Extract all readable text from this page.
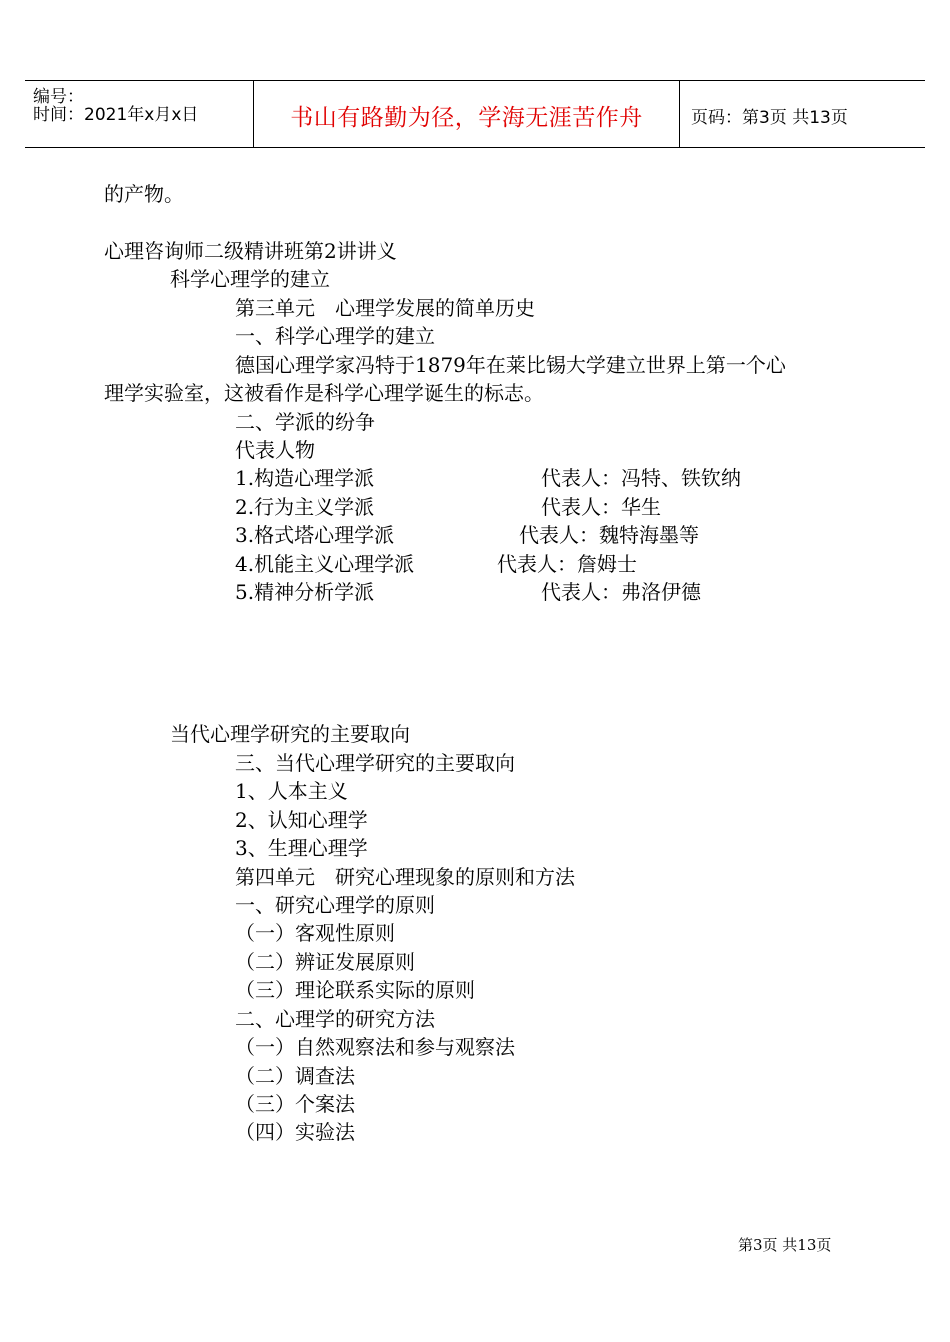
编号：
时间：2021年x月x日	书山有路勤为径，学海无涯苦作舟	页码：第3页 共13页
的产物。
心理咨询师二级精讲班第2讲讲义
科学心理学的建立
第三单元　心理学发展的简单历史
一、科学心理学的建立
德国心理学家冯特于1879年在莱比锡大学建立世界上第一个心
理学实验室，这被看作是科学心理学诞生的标志。
二、学派的纷争
代表人物
1.构造心理学派	代表人：冯特、铁钦纳
2.行为主义学派	代表人：华生
3.格式塔心理学派	代表人：魏特海墨等
4.机能主义心理学派	代表人：詹姆士
5.精神分析学派	代表人：弗洛伊德
当代心理学研究的主要取向
三、当代心理学研究的主要取向
1、人本主义
2、认知心理学
3、生理心理学
第四单元　研究心理现象的原则和方法
一、研究心理学的原则
（一）客观性原则
（二）辨证发展原则
（三）理论联系实际的原则
二、心理学的研究方法
（一）自然观察法和参与观察法
（二）调查法
（三）个案法
（四）实验法
第3页 共13页
